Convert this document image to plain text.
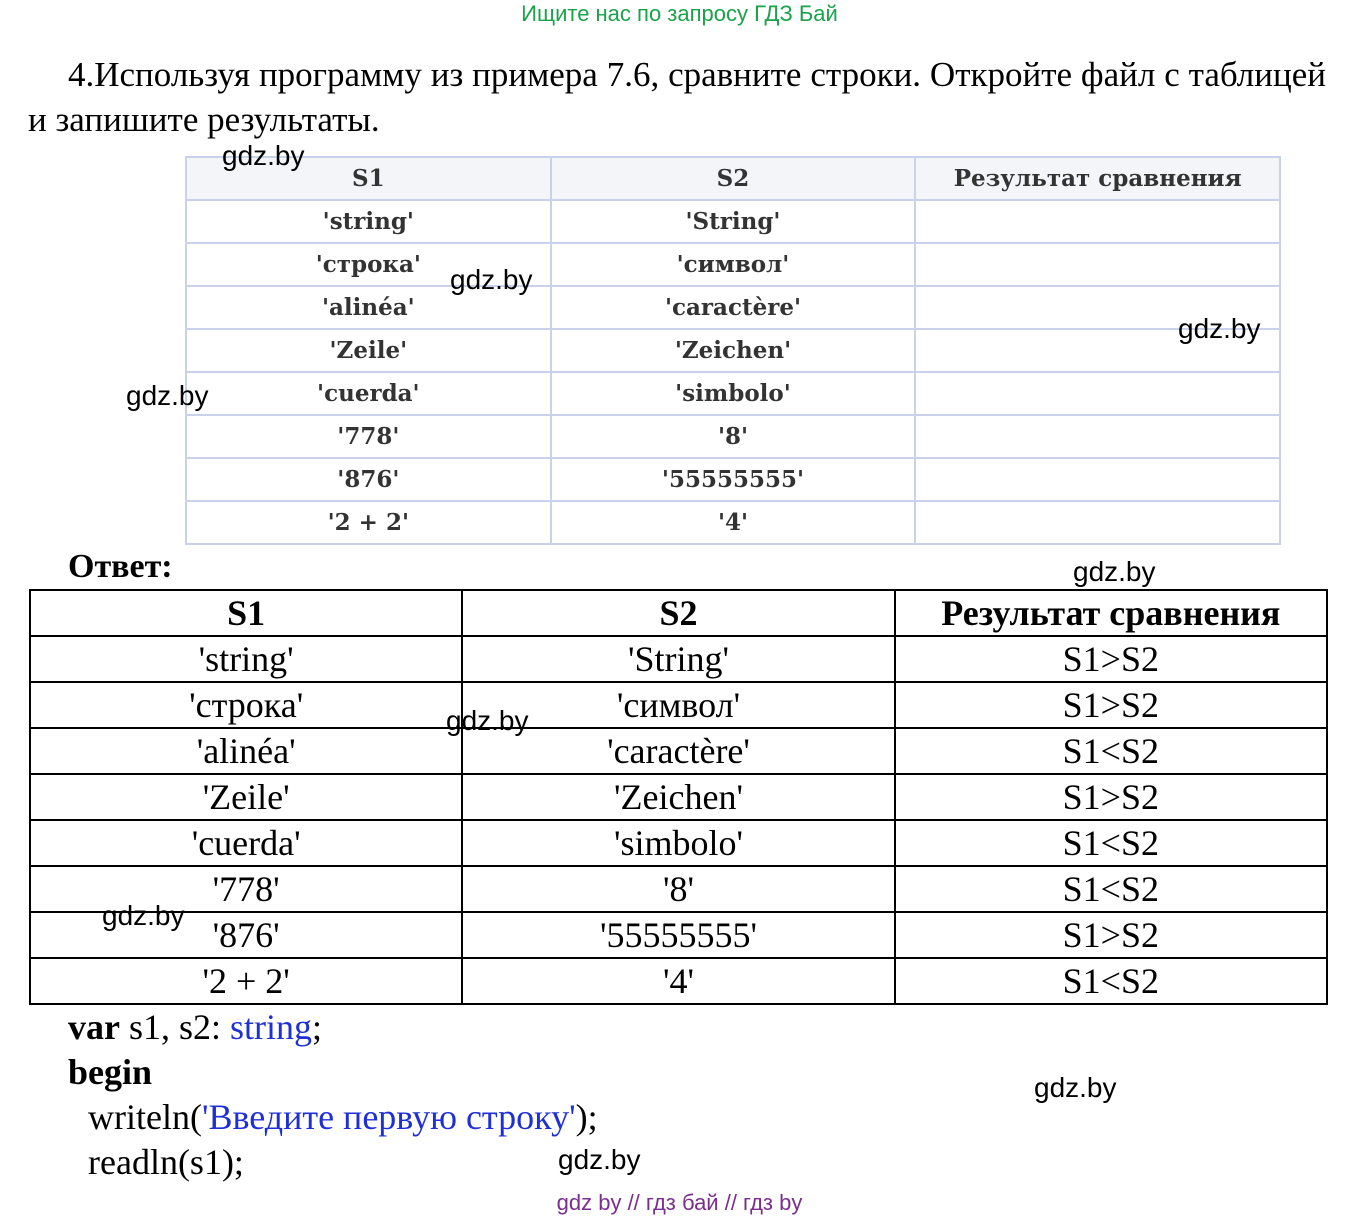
Ищите нас по запросу ГДЗ Бай
4.Используя программу из примера 7.6, сравните строки. Откройте файл с таблицей и запишите результаты.
S1	S2	Результат сравнения
'string'	'String'	
'строка'	'символ'	
'alinéa'	'caractère'	
'Zeile'	'Zeichen'	
'cuerda'	'simbolo'	
'778'	'8'	
'876'	'55555555'	
'2 + 2'	'4'	
Ответ:
S1	S2	Результат сравнения
'string'	'String'	S1>S2
'строка'	'символ'	S1>S2
'alinéa'	'caractère'	S1<S2
'Zeile'	'Zeichen'	S1>S2
'cuerda'	'simbolo'	S1<S2
'778'	'8'	S1<S2
'876'	'55555555'	S1>S2
'2 + 2'	'4'	S1<S2
var s1, s2: string;
begin
writeln('Введите первую строку');
readln(s1);
gdz.by
gdz.by
gdz.by
gdz.by
gdz.by
gdz.by
gdz.by
gdz.by
gdz.by
gdz by // гдз бай // гдз by
